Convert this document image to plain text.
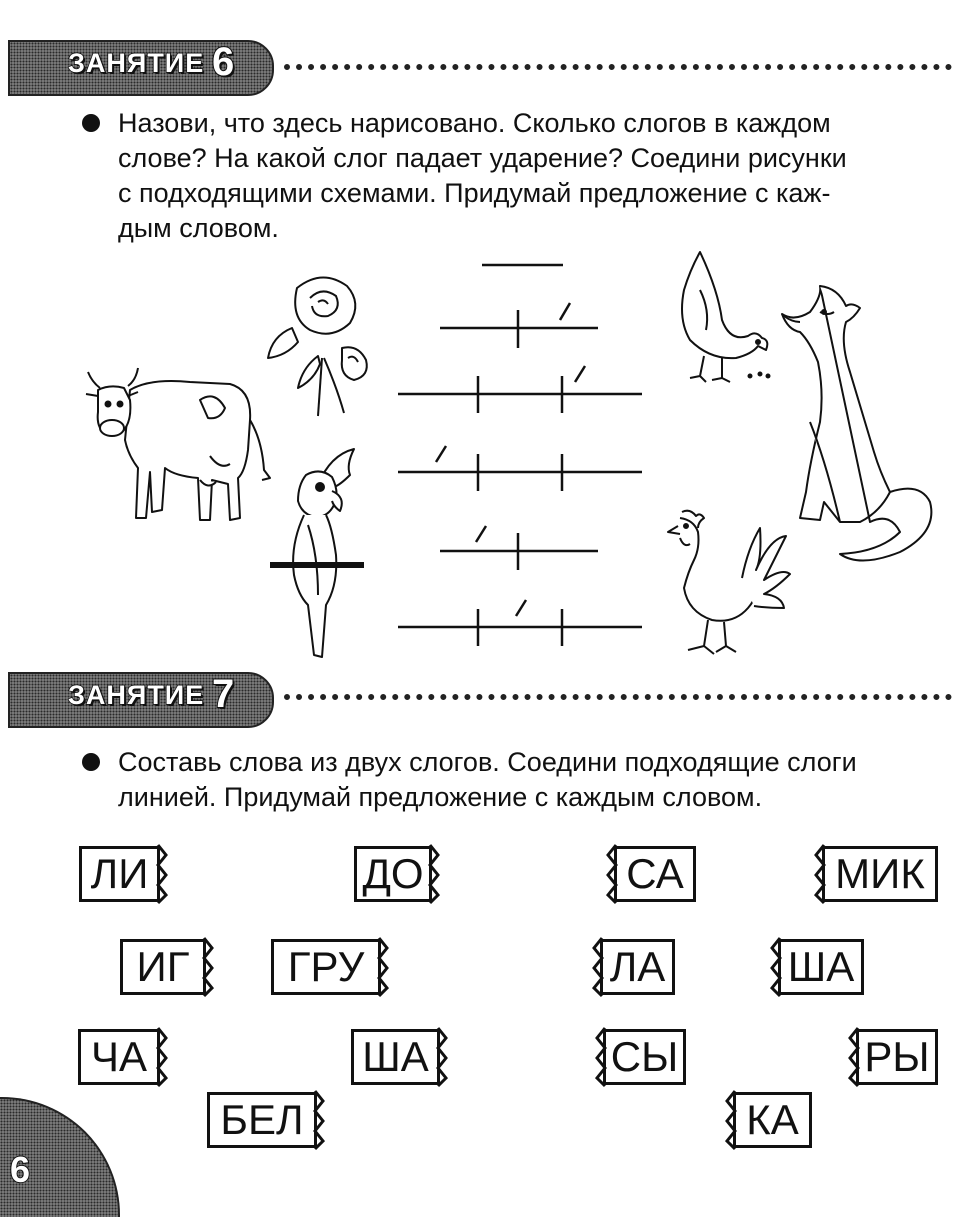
ЗАНЯТИЕ 6
Назови, что здесь нарисовано. Сколько слогов в каждом
слове? На какой слог падает ударение? Соедини рисунки
с подходящими схемами. Придумай предложение с каж-
дым словом.
ЗАНЯТИЕ 7
Составь слова из двух слогов. Соедини подходящие слоги
линией. Придумай предложение с каждым словом.
ЛИ	ДО	СА	МИК
ИГ	ГРУ	ЛА	ША
ЧА	ША	СЫ	РЫ
БЕЛ	КА
6
